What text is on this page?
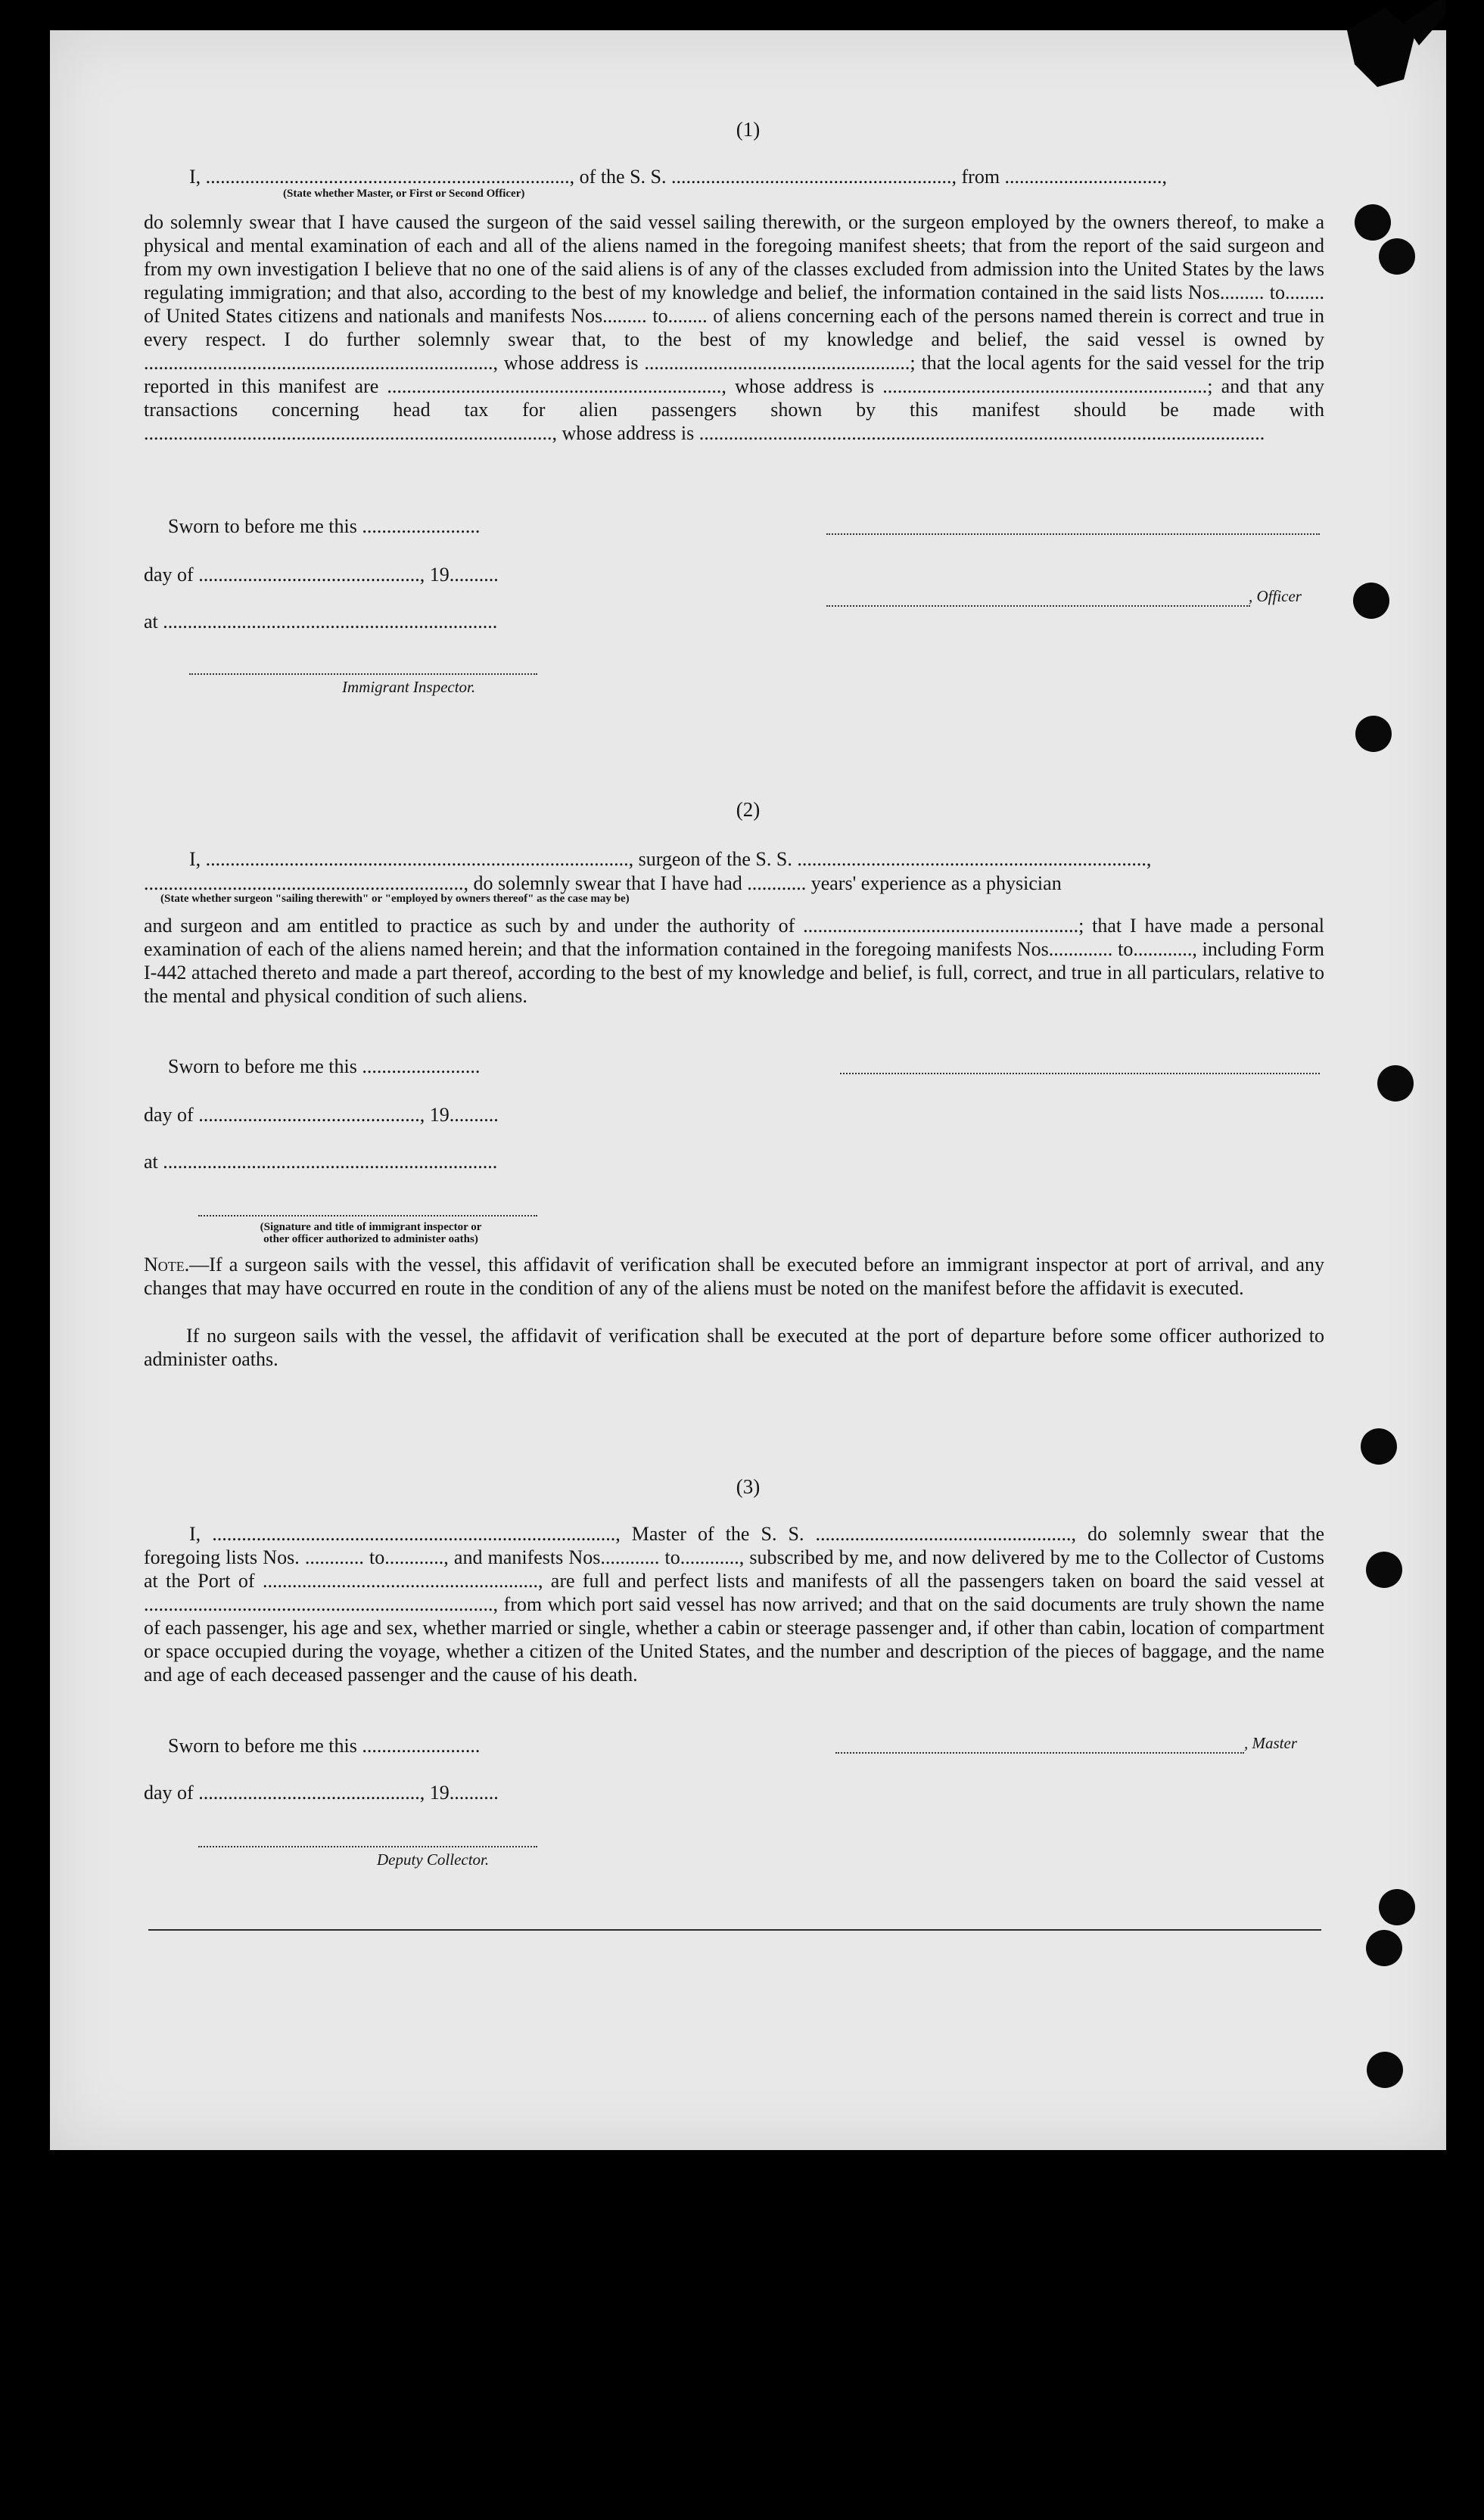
(1)
I, .........................................................................., of the S. S. ........................................................., from ................................,
(State whether Master, or First or Second Officer)

do solemnly swear that I have caused the surgeon of the said vessel sailing therewith, or the surgeon employed by the owners thereof, to make a physical and mental examination of each and all of the aliens named in the foregoing manifest sheets; that from the report of the said surgeon and from my own investigation I believe that no one of the said aliens is of any of the classes excluded from admission into the United States by the laws regulating immigration; and that also, according to the best of my knowledge and belief, the information contained in the said lists Nos......... to........ of United States citizens and nationals and manifests Nos......... to........ of aliens concerning each of the persons named therein is correct and true in every respect. I do further solemnly swear that, to the best of my knowledge and belief, the said vessel is owned by ......................................................................., whose address is ......................................................; that the local agents for the said vessel for the trip reported in this manifest are ...................................................................., whose address is ..................................................................; and that any transactions concerning head tax for alien passengers shown by this manifest should be made with ..................................................................................., whose address is ...................................................................................................................

Sworn to before me this ........................
day of ............................................., 19..........
, Officer
at ....................................................................
Immigrant Inspector.
(2)
I, ......................................................................................, surgeon of the S. S. .......................................................................,
................................................................., do solemnly swear that I have had ............ years' experience as a physician
(State whether surgeon "sailing therewith" or "employed by owners thereof" as the case may be)

and surgeon and am entitled to practice as such by and under the authority of ........................................................; that I have made a personal examination of each of the aliens named herein; and that the information contained in the foregoing manifests Nos............. to............, including Form I-442 attached thereto and made a part thereof, according to the best of my knowledge and belief, is full, correct, and true in all particulars, relative to the mental and physical condition of such aliens.

Sworn to before me this ........................
day of ............................................., 19..........
at ....................................................................
(Signature and title of immigrant inspector or
other officer authorized to administer oaths)

Note.—If a surgeon sails with the vessel, this affidavit of verification shall be executed before an immigrant inspector at port of arrival, and any changes that may have occurred en route in the condition of any of the aliens must be noted on the manifest before the affidavit is executed.

If no surgeon sails with the vessel, the affidavit of verification shall be executed at the port of departure before some officer authorized to administer oaths.

(3)

I, .................................................................................., Master of the S. S. ...................................................., do solemnly swear that the foregoing lists Nos. ............ to............, and manifests Nos............ to............, subscribed by me, and now delivered by me to the Collector of Customs at the Port of ........................................................, are full and perfect lists and manifests of all the passengers taken on board the said vessel at ......................................................................., from which port said vessel has now arrived; and that on the said documents are truly shown the name of each passenger, his age and sex, whether married or single, whether a cabin or steerage passenger and, if other than cabin, location of compartment or space occupied during the voyage, whether a citizen of the United States, and the number and description of the pieces of baggage, and the name and age of each deceased passenger and the cause of his death.

Sworn to before me this ........................	, Master
day of ............................................., 19..........
Deputy Collector.
